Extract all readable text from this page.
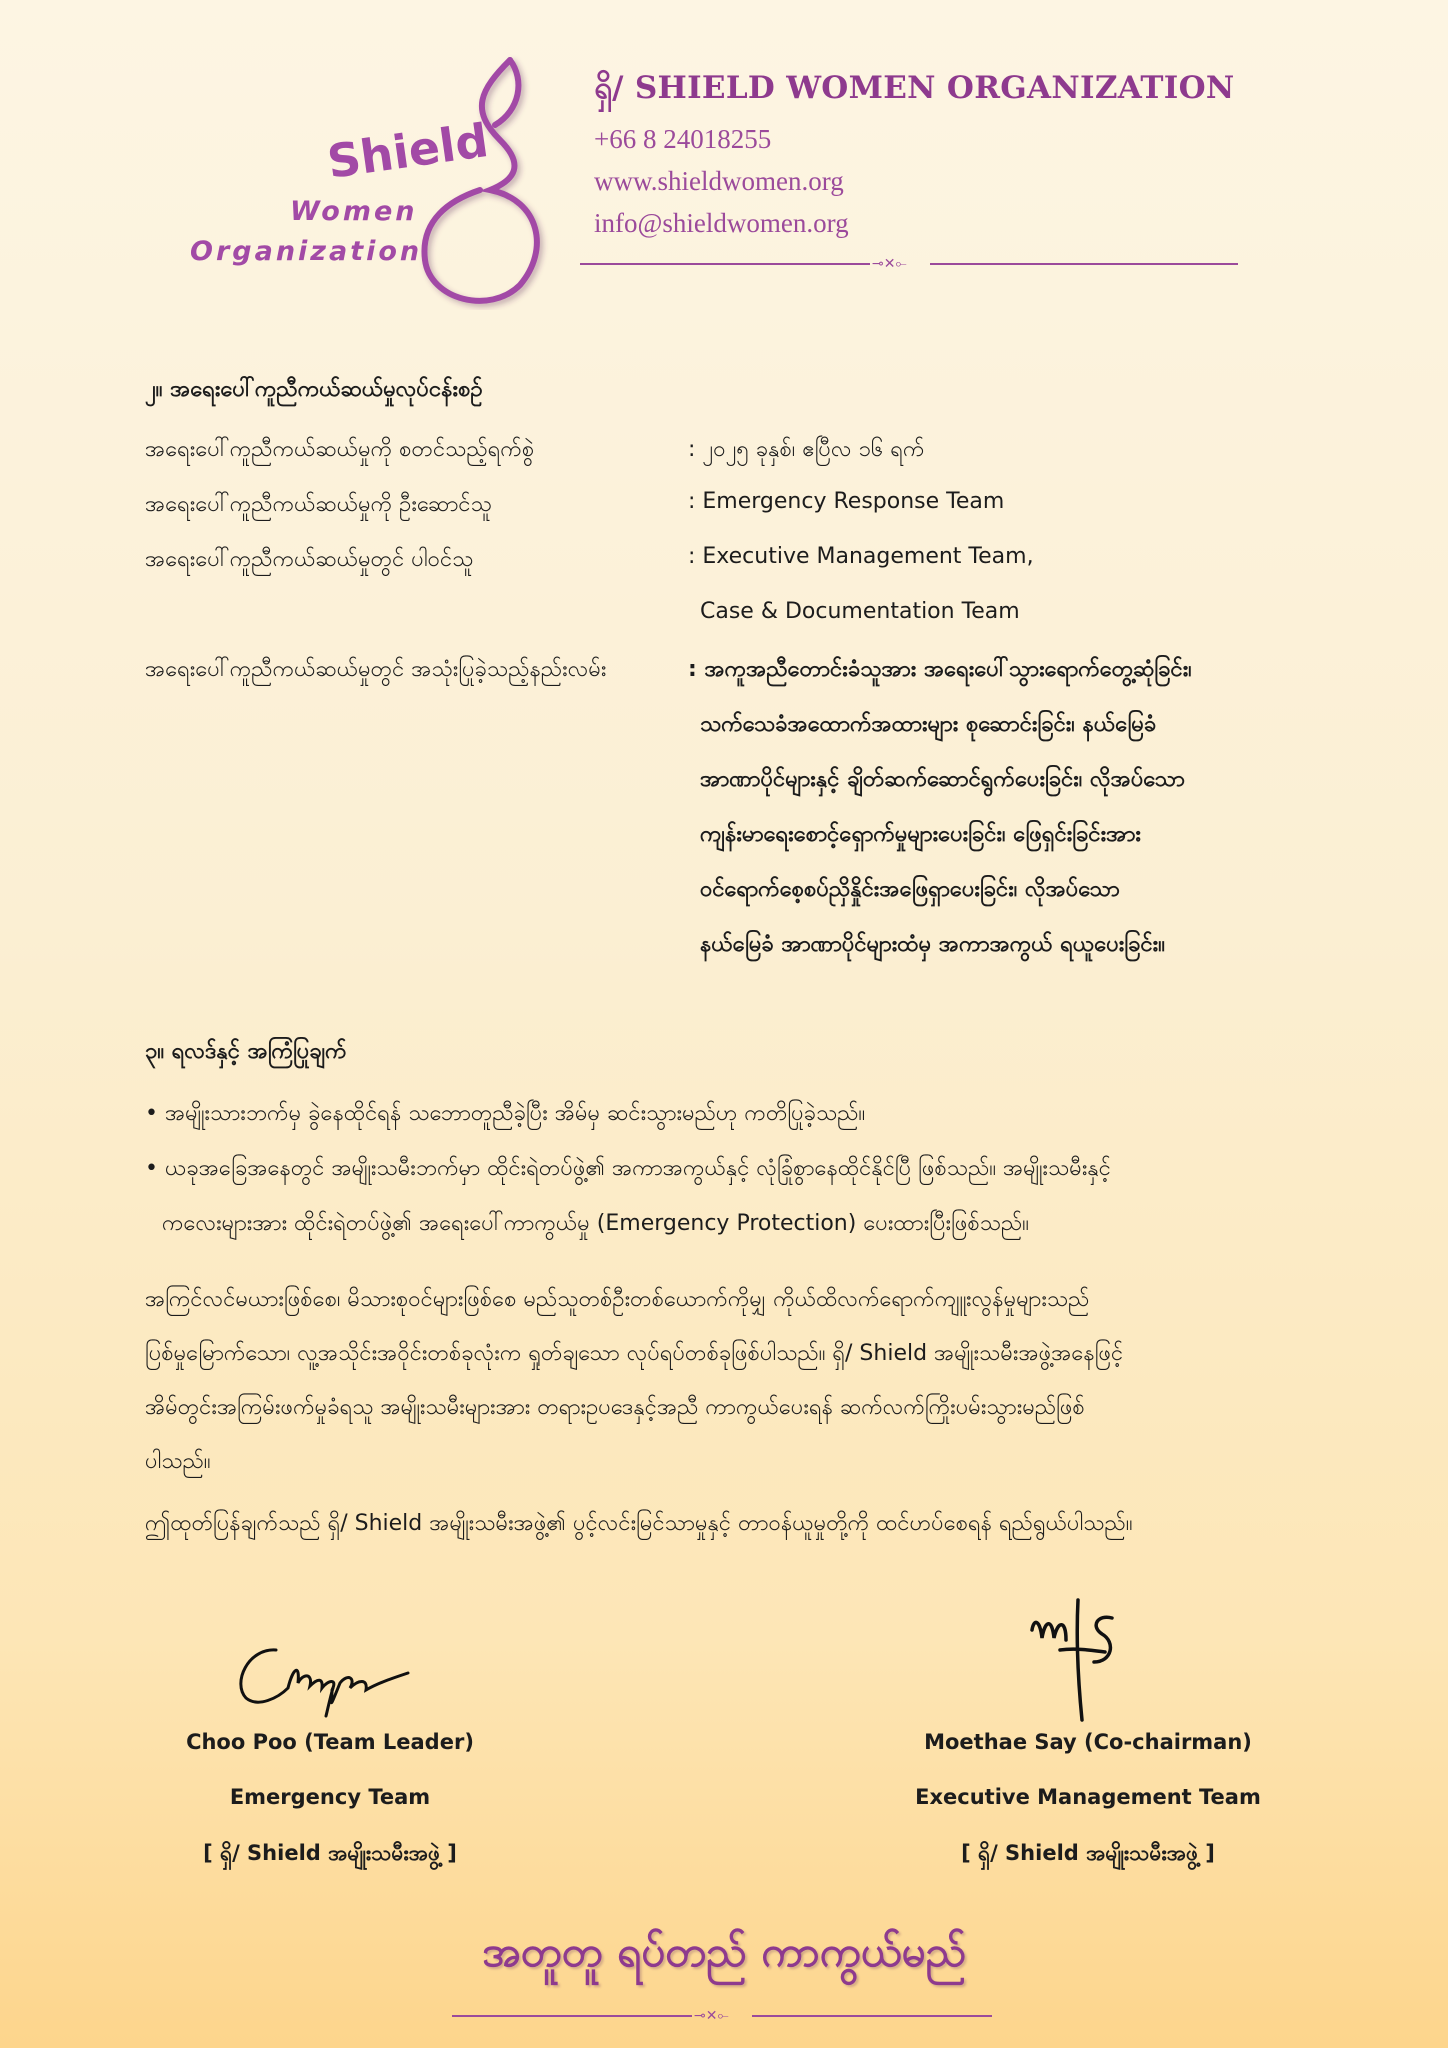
Shield
Women
Organization
ရှိ/ SHIELD WOMEN ORGANIZATION
+66 8 24018255
www.shieldwomen.org
info@shieldwomen.org
⊸✕⟜
၂။ အရေးပေါ်ကူညီကယ်ဆယ်မှုလုပ်ငန်းစဉ်
အရေးပေါ်ကူညီကယ်ဆယ်မှုကို စတင်သည့်ရက်စွဲ	: ၂၀၂၅ ခုနှစ်၊ ဧပြီလ ၁၆ ရက်
အရေးပေါ်ကူညီကယ်ဆယ်မှုကို ဦးဆောင်သူ	: Emergency Response Team
အရေးပေါ်ကူညီကယ်ဆယ်မှုတွင် ပါဝင်သူ	: Executive Management Team,
Case & Documentation Team
အရေးပေါ်ကူညီကယ်ဆယ်မှုတွင် အသုံးပြုခဲ့သည့်နည်းလမ်း	: အကူအညီတောင်းခံသူအား အရေးပေါ်သွားရောက်တွေ့ဆုံခြင်း၊
သက်သေခံအထောက်အထားများ စုဆောင်းခြင်း၊ နယ်မြေခံ
အာဏာပိုင်များနှင့် ချိတ်ဆက်ဆောင်ရွက်ပေးခြင်း၊ လိုအပ်သော
ကျန်းမာရေးစောင့်ရှောက်မှုများပေးခြင်း၊ ဖြေရှင်းခြင်းအား
ဝင်ရောက်စေ့စပ်ညှိနှိုင်းအဖြေရှာပေးခြင်း၊ လိုအပ်သော
နယ်မြေခံ အာဏာပိုင်များထံမှ အကာအကွယ် ရယူပေးခြင်း။
၃။ ရလဒ်နှင့် အကြံပြုချက်
• အမျိုးသားဘက်မှ ခွဲနေထိုင်ရန် သဘောတူညီခဲ့ပြီး အိမ်မှ ဆင်းသွားမည်ဟု ကတိပြုခဲ့သည်။
• ယခုအခြေအနေတွင် အမျိုးသမီးဘက်မှာ ထိုင်းရဲတပ်ဖွဲ့၏ အကာအကွယ်နှင့် လုံခြုံစွာနေထိုင်နိုင်ပြီ ဖြစ်သည်။ အမျိုးသမီးနှင့်
ကလေးများအား ထိုင်းရဲတပ်ဖွဲ့၏ အရေးပေါ်ကာကွယ်မှု (Emergency Protection) ပေးထားပြီးဖြစ်သည်။
အကြင်လင်မယားဖြစ်စေ၊ မိသားစုဝင်များဖြစ်စေ မည်သူတစ်ဦးတစ်ယောက်ကိုမျှ ကိုယ်ထိလက်ရောက်ကျူးလွန်မှုများသည်
ပြစ်မှုမြောက်သော၊ လူ့အသိုင်းအဝိုင်းတစ်ခုလုံးက ရှုတ်ချသော လုပ်ရပ်တစ်ခုဖြစ်ပါသည်။ ရှိ/ Shield အမျိုးသမီးအဖွဲ့အနေဖြင့်
အိမ်တွင်းအကြမ်းဖက်မှုခံရသူ အမျိုးသမီးများအား တရားဥပဒေနှင့်အညီ ကာကွယ်ပေးရန် ဆက်လက်ကြိုးပမ်းသွားမည်ဖြစ်
ပါသည်။
ဤထုတ်ပြန်ချက်သည် ရှိ/ Shield အမျိုးသမီးအဖွဲ့၏ ပွင့်လင်းမြင်သာမှုနှင့် တာဝန်ယူမှုတို့ကို ထင်ဟပ်စေရန် ရည်ရွယ်ပါသည်။
Choo Poo (Team Leader)
Emergency Team
[ ရှိ/ Shield အမျိုးသမီးအဖွဲ့ ]
Moethae Say (Co-chairman)
Executive Management Team
[ ရှိ/ Shield အမျိုးသမီးအဖွဲ့ ]
အတူတူ ရပ်တည် ကာကွယ်မည်
⊸✕⟜
